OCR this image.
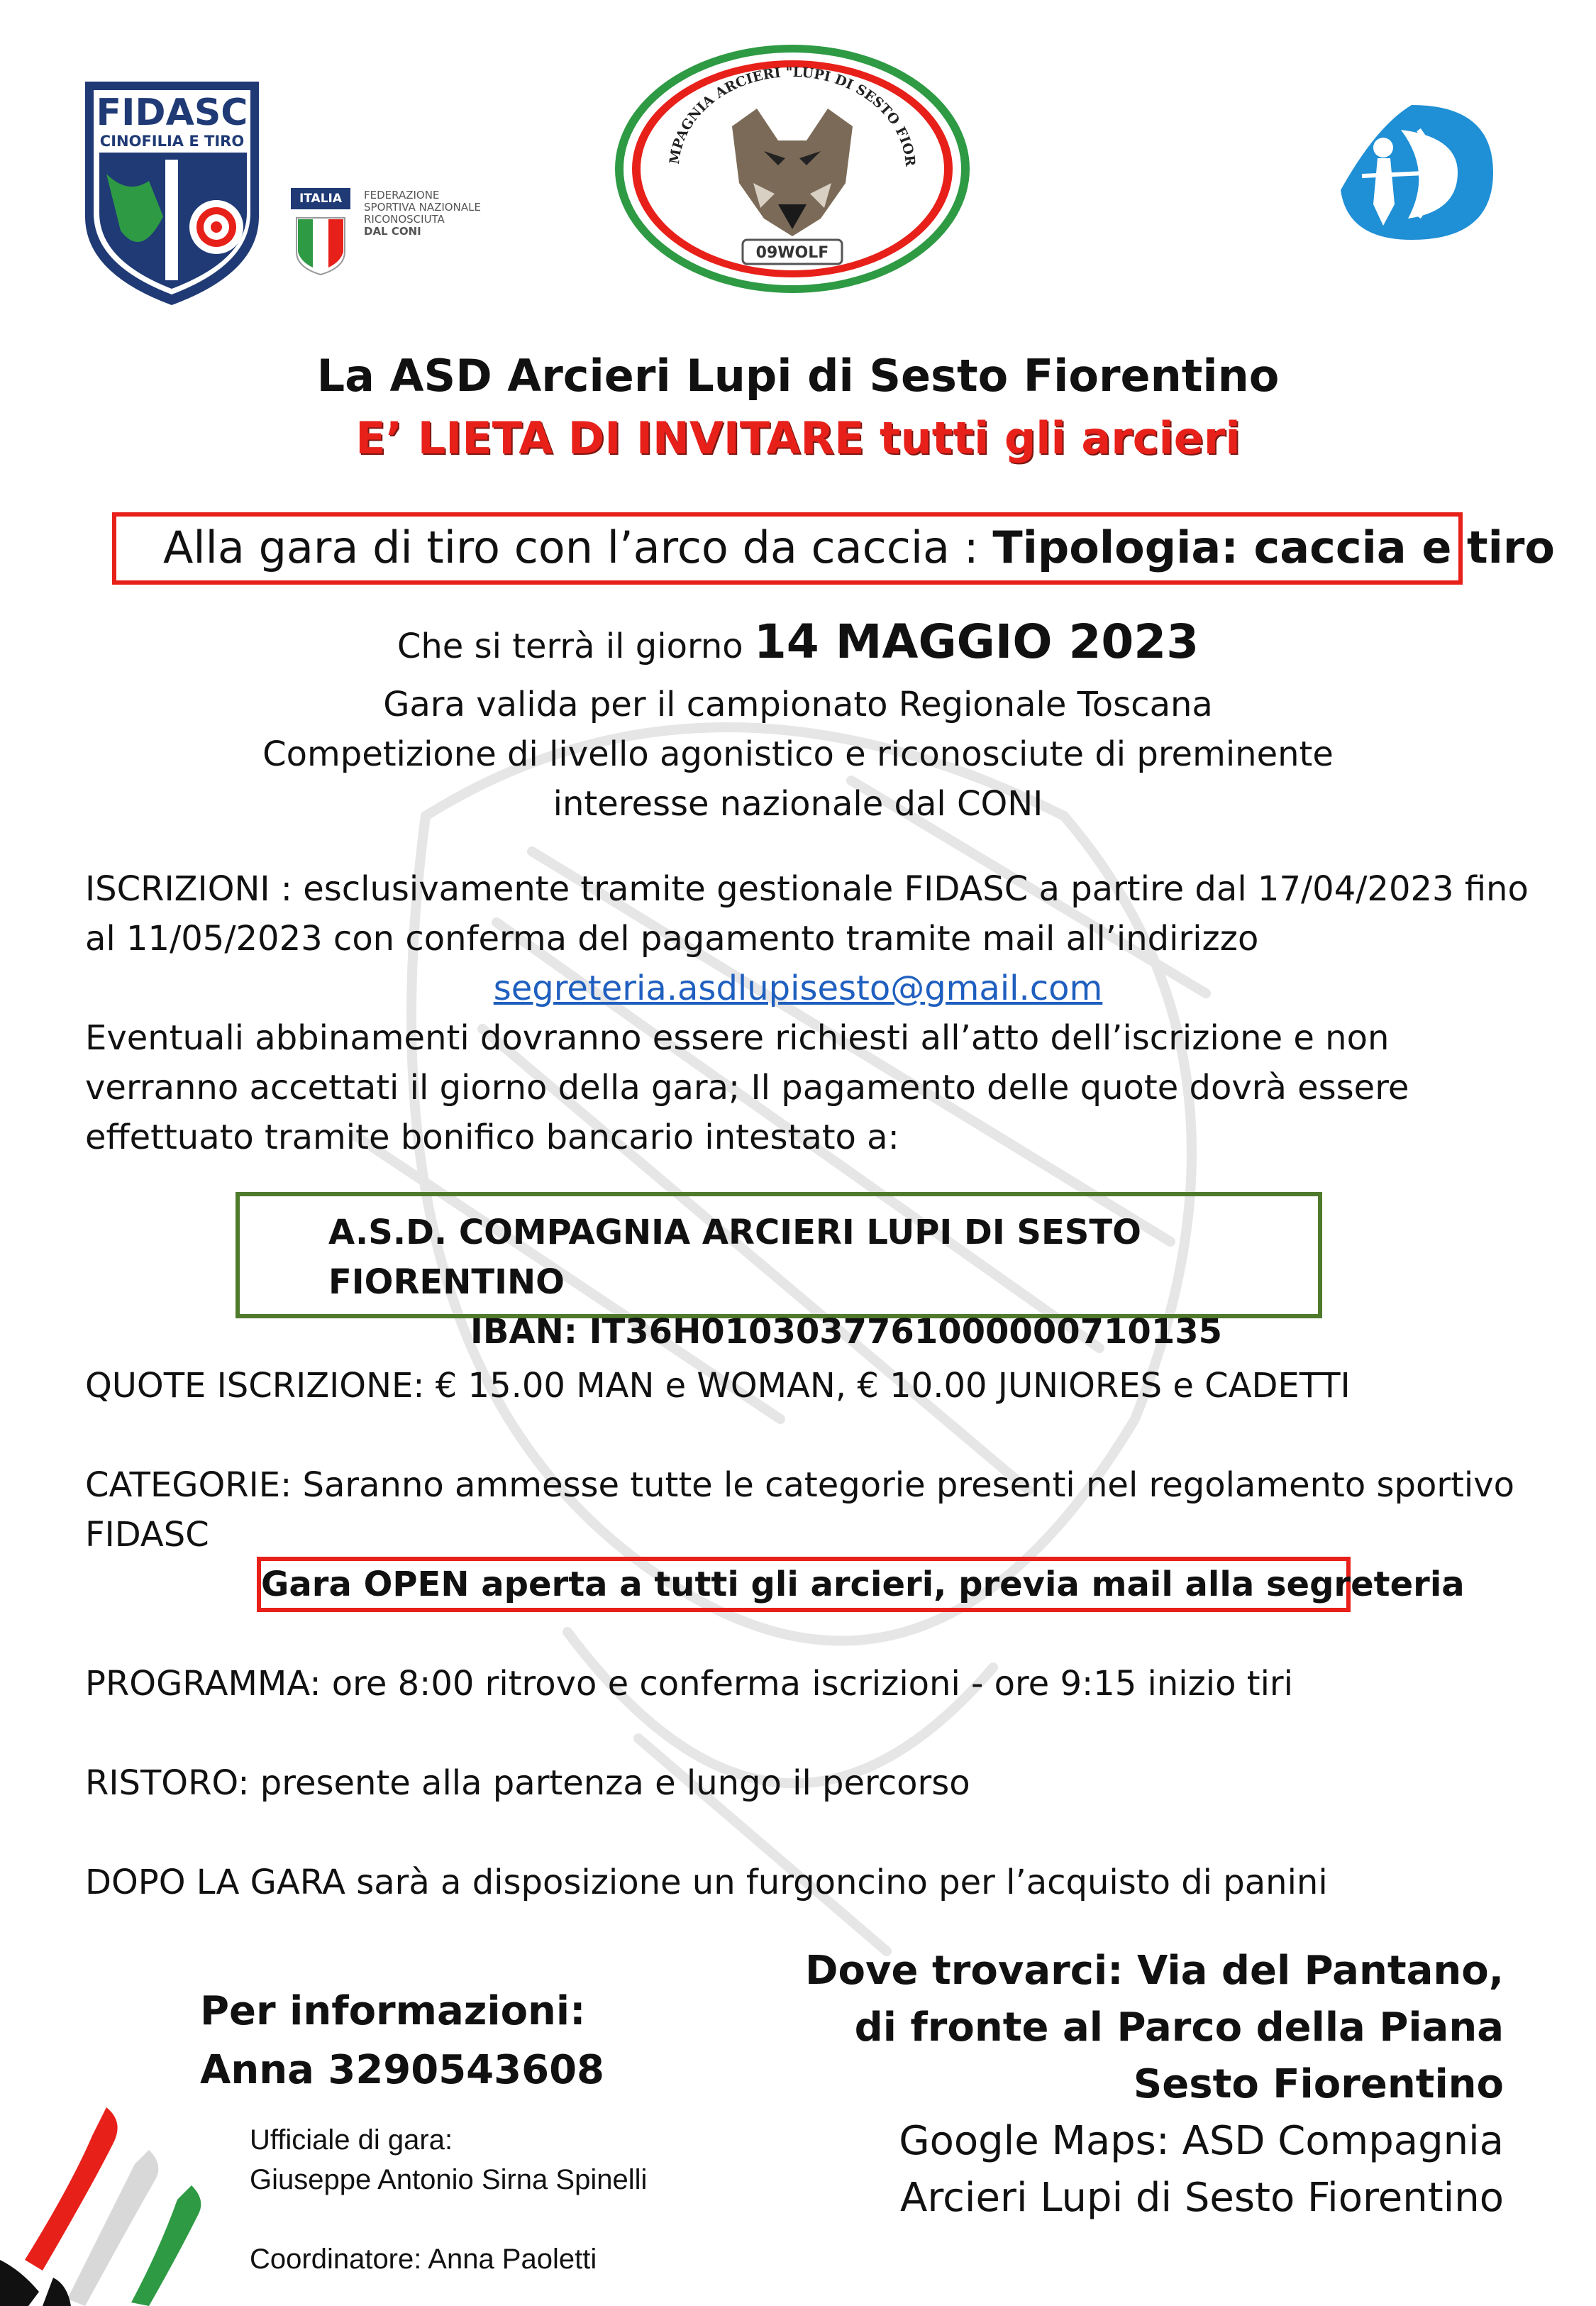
FIDASC
CINOFILIA E TIRO
ITALIA	FEDERAZIONE
SPORTIVA NAZIONALE
RICONOSCIUTA
DAL CONI
MPAGNIA ARCIERI "LUPI DI SESTO FIOR
09WOLF
La ASD Arcieri Lupi di Sesto Fiorentino
E’ LIETA DI INVITARE tutti gli arcieri
Alla gara di tiro con l’arco da caccia : Tipologia: caccia e tiro
Che si terrà il giorno 14 MAGGIO 2023
Gara valida per il campionato Regionale Toscana
Competizione di livello agonistico e riconosciute di preminente
interesse nazionale dal CONI
ISCRIZIONI : esclusivamente tramite gestionale FIDASC a partire dal 17/04/2023 fino
al 11/05/2023 con conferma del pagamento tramite mail all’indirizzo
segreteria.asdlupisesto@gmail.com
Eventuali abbinamenti dovranno essere richiesti all’atto dell’iscrizione e non
verranno accettati il giorno della gara; Il pagamento delle quote dovrà essere
effettuato tramite bonifico bancario intestato a:
A.S.D. COMPAGNIA ARCIERI LUPI DI SESTO FIORENTINO
IBAN: IT36H0103037761000000710135
QUOTE ISCRIZIONE: € 15.00 MAN e WOMAN, € 10.00 JUNIORES e CADETTI
CATEGORIE: Saranno ammesse tutte le categorie presenti nel regolamento sportivo
FIDASC
Gara OPEN aperta a tutti gli arcieri, previa mail alla segreteria
PROGRAMMA: ore 8:00 ritrovo e conferma iscrizioni - ore 9:15 inizio tiri
RISTORO: presente alla partenza e lungo il percorso
DOPO LA GARA sarà a disposizione un furgoncino per l’acquisto di panini
Per informazioni:
Anna 3290543608
Ufficiale di gara:
Giuseppe Antonio Sirna Spinelli
Coordinatore: Anna Paoletti
Dove trovarci: Via del Pantano,
di fronte al Parco della Piana
Sesto Fiorentino
Google Maps: ASD Compagnia
Arcieri Lupi di Sesto Fiorentino
